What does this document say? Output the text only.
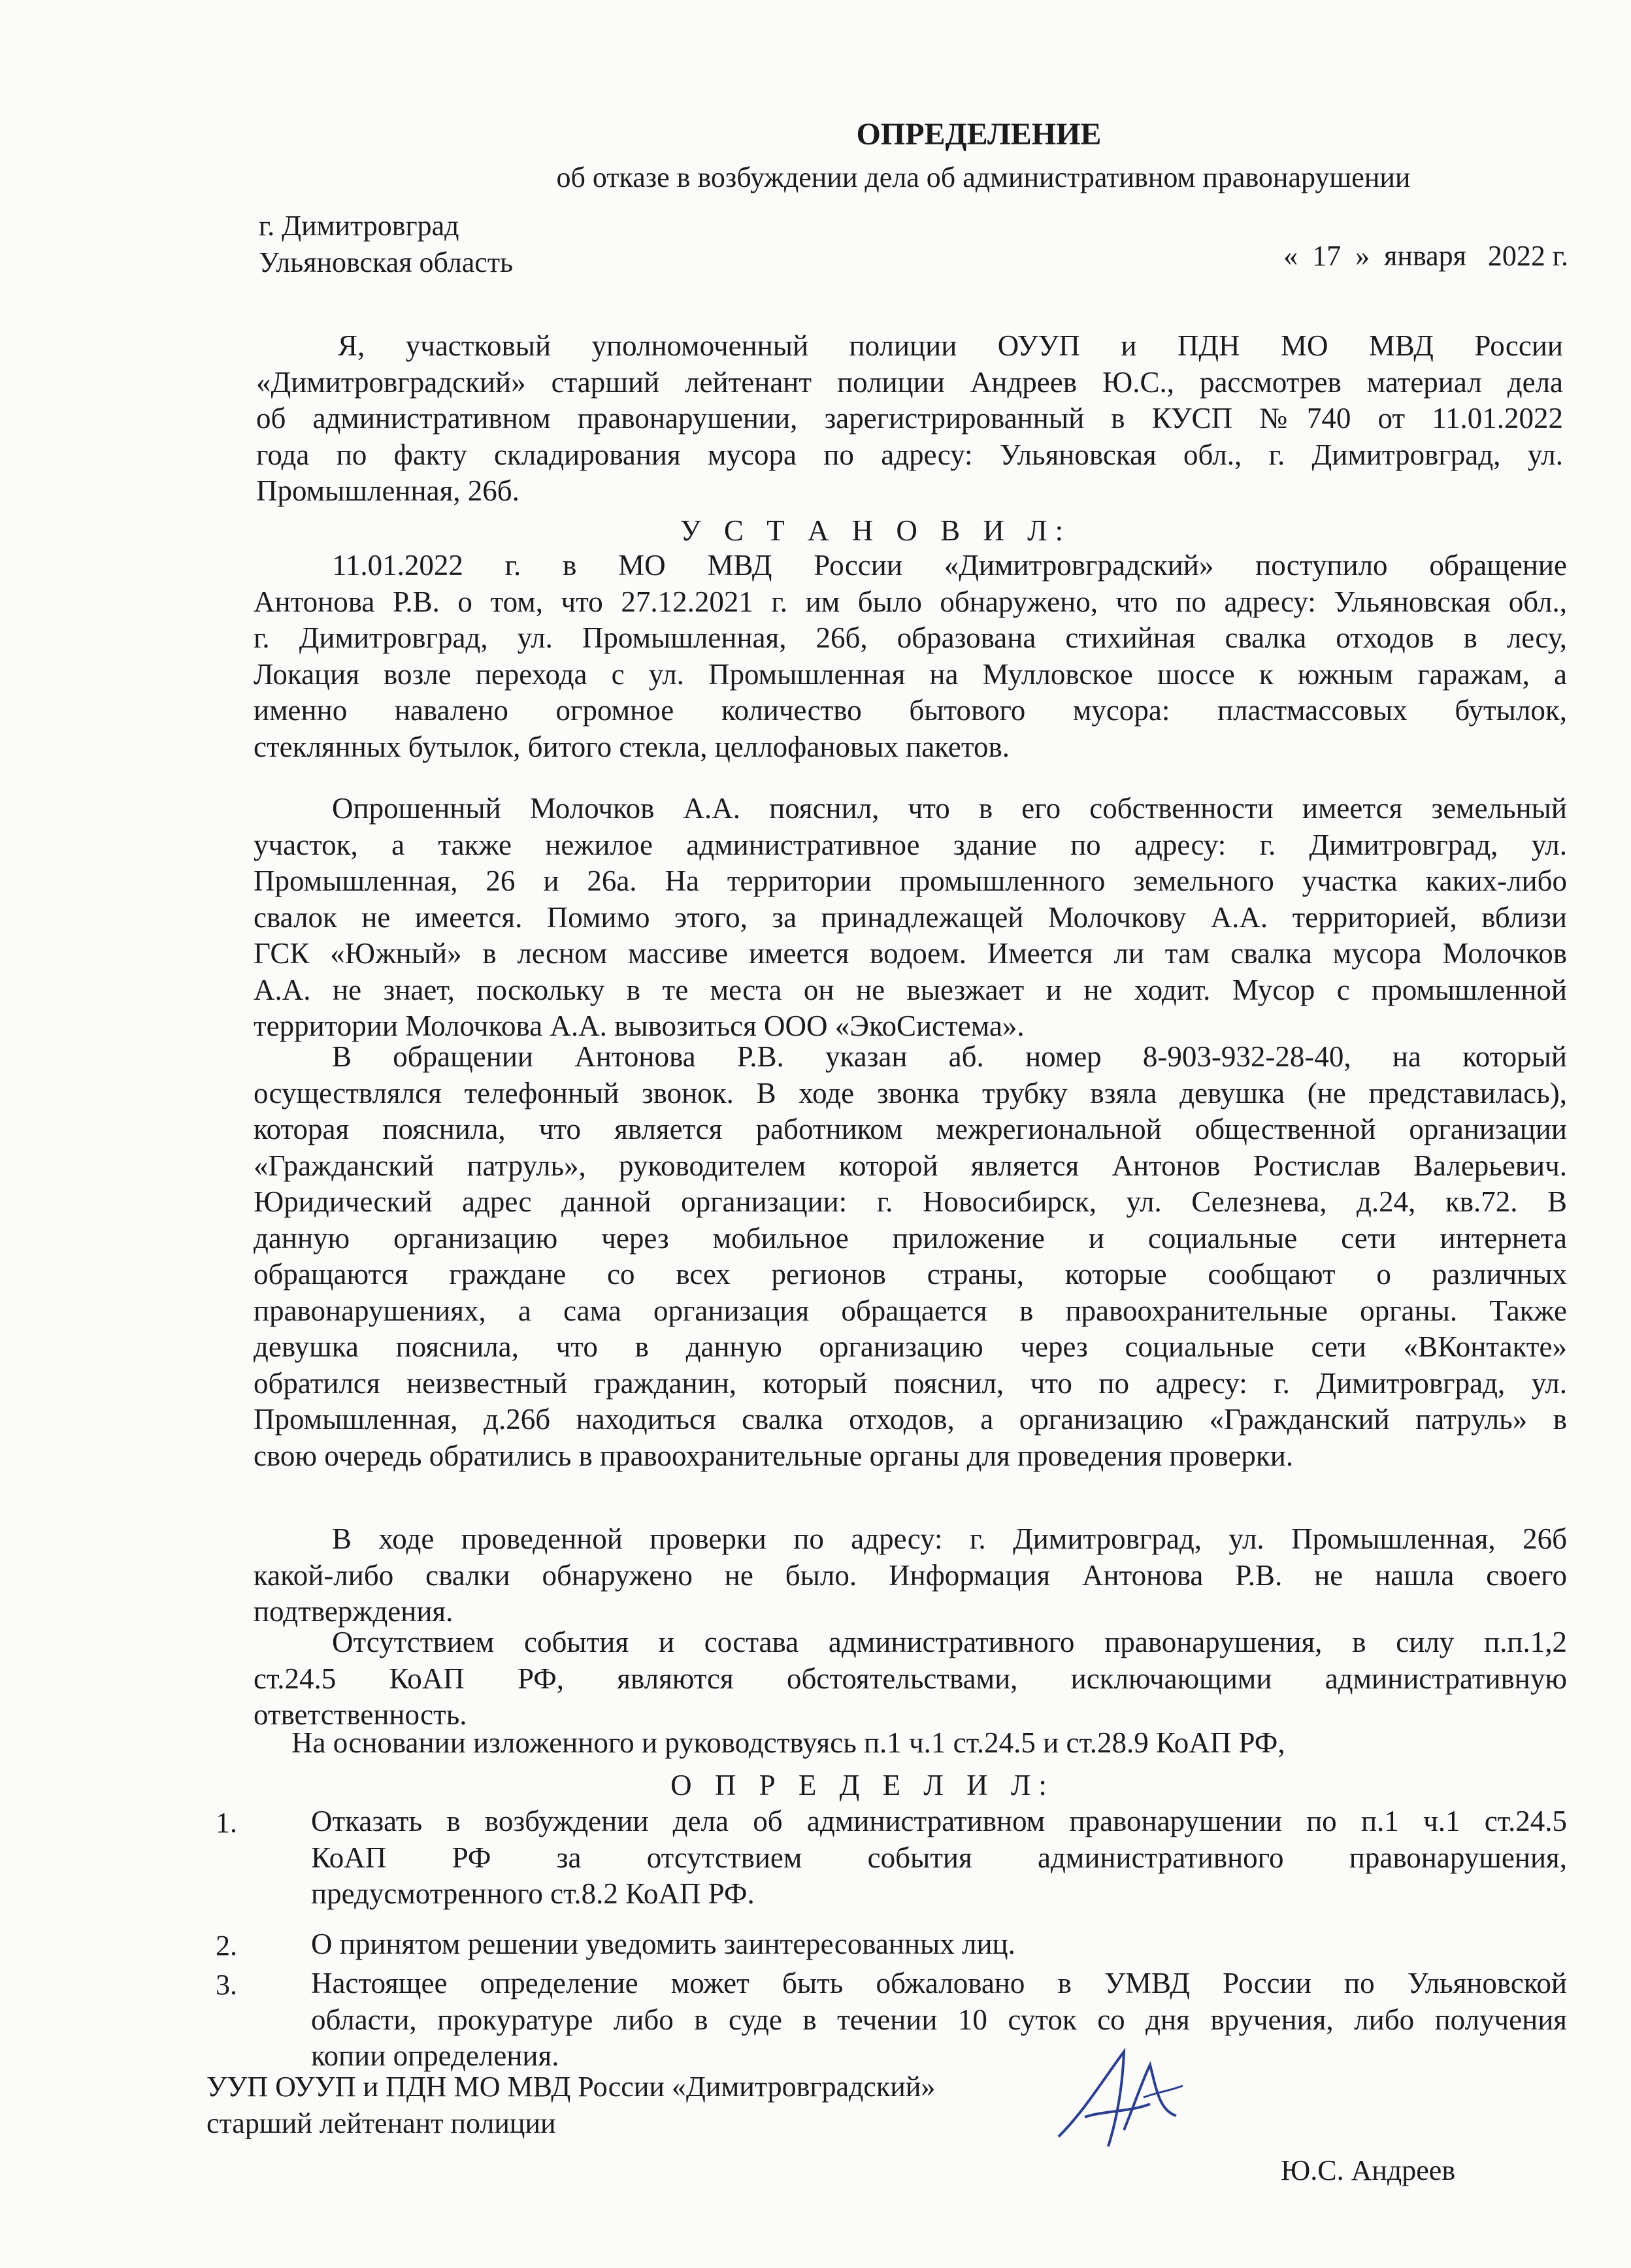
ОПРЕДЕЛЕНИЕ
об отказе в возбуждении дела об административном правонарушении
г. Димитровград
Ульяновская область	«  17  »  января   2022 г.
Я, участковый уполномоченный полиции ОУУП и ПДН МО МВД России
«Димитровградский» старший лейтенант полиции Андреев Ю.С., рассмотрев материал дела
об административном правонарушении, зарегистрированный в КУСП №740 от 11.01.2022
года по факту складирования мусора по адресу: Ульяновская обл., г. Димитровград, ул.
Промышленная, 26б.
У С Т А Н О В И Л:
11.01.2022 г. в МО МВД России «Димитровградский» поступило обращение
Антонова Р.В. о том, что 27.12.2021 г. им было обнаружено, что по адресу: Ульяновская обл.,
г. Димитровград, ул. Промышленная, 26б, образована стихийная свалка отходов в лесу,
Локация возле перехода с ул. Промышленная на Мулловское шоссе к южным гаражам, а
именно навалено огромное количество бытового мусора: пластмассовых бутылок,
стеклянных бутылок, битого стекла, целлофановых пакетов.
Опрошенный Молочков А.А. пояснил, что в его собственности имеется земельный
участок, а также нежилое административное здание по адресу: г. Димитровград, ул.
Промышленная, 26 и 26а. На территории промышленного земельного участка каких-либо
свалок не имеется. Помимо этого, за принадлежащей Молочкову А.А. территорией, вблизи
ГСК «Южный» в лесном массиве имеется водоем. Имеется ли там свалка мусора Молочков
А.А. не знает, поскольку в те места он не выезжает и не ходит. Мусор с промышленной
территории Молочкова А.А. вывозиться ООО «ЭкоСистема».
В обращении Антонова Р.В. указан аб. номер 8-903-932-28-40, на который
осуществлялся телефонный звонок. В ходе звонка трубку взяла девушка (не представилась),
которая пояснила, что является работником межрегиональной общественной организации
«Гражданский патруль», руководителем которой является Антонов Ростислав Валерьевич.
Юридический адрес данной организации: г. Новосибирск, ул. Селезнева, д.24, кв.72. В
данную организацию через мобильное приложение и социальные сети интернета
обращаются граждане со всех регионов страны, которые сообщают о различных
правонарушениях, а сама организация обращается в правоохранительные органы. Также
девушка пояснила, что в данную организацию через социальные сети «ВКонтакте»
обратился неизвестный гражданин, который пояснил, что по адресу: г. Димитровград, ул.
Промышленная, д.26б находиться свалка отходов, а организацию «Гражданский патруль» в
свою очередь обратились в правоохранительные органы для проведения проверки.
В ходе проведенной проверки по адресу: г. Димитровград, ул. Промышленная, 26б
какой-либо свалки обнаружено не было. Информация Антонова Р.В. не нашла своего
подтверждения.
Отсутствием события и состава административного правонарушения, в силу п.п.1,2
ст.24.5 КоАП РФ, являются обстоятельствами, исключающими административную
ответственность.
На основании изложенного и руководствуясь п.1 ч.1 ст.24.5 и ст.28.9 КоАП РФ,
О П Р Е Д Е Л И Л:
1.	Отказать в возбуждении дела об административном правонарушении по п.1 ч.1 ст.24.5
КоАП РФ за отсутствием события административного правонарушения,
предусмотренного ст.8.2 КоАП РФ.
2.	О принятом решении уведомить заинтересованных лиц.
3.	Настоящее определение может быть обжаловано в УМВД России по Ульяновской
области, прокуратуре либо в суде в течении 10 суток со дня вручения, либо получения
копии определения.
УУП ОУУП и ПДН МО МВД России «Димитровградский»
старший лейтенант полиции
Ю.С. Андреев
